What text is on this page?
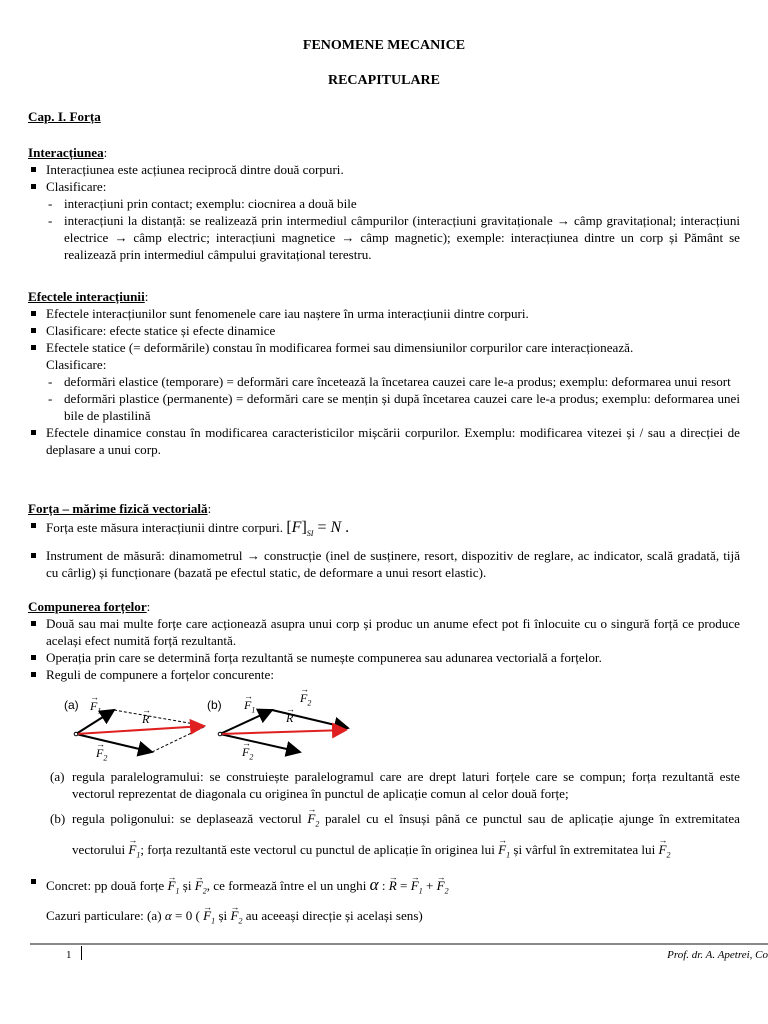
FENOMENE MECANICE
RECAPITULARE
Cap. I. Forța
Interacțiunea:
Interacțiunea este acțiunea reciprocă dintre două corpuri.
Clasificare:
- interacțiuni prin contact; exemplu: ciocnirea a două bile
- interacțiuni la distanță: se realizează prin intermediul câmpurilor (interacțiuni gravitaționale → câmp gravitațional; interacțiuni electrice → câmp electric; interacțiuni magnetice → câmp magnetic); exemple: interacțiunea dintre un corp și Pământ se realizează prin intermediul câmpului gravitațional terestru.
Efectele interacțiunii:
Efectele interacțiunilor sunt fenomenele care iau naștere în urma interacțiunii dintre corpuri.
Clasificare: efecte statice și efecte dinamice
Efectele statice (= deformările) constau în modificarea formei sau dimensiunilor corpurilor care interacționează.
Clasificare:
- deformări elastice (temporare) = deformări care încetează la încetarea cauzei care le-a produs; exemplu: deformarea unui resort
- deformări plastice (permanente) = deformări care se mențin și după încetarea cauzei care le-a produs; exemplu: deformarea unei bile de plastilină
Efectele dinamice constau în modificarea caracteristicilor mișcării corpurilor. Exemplu: modificarea vitezei și / sau a direcției de deplasare a unui corp.
Forța – mărime fizică vectorială:
Forța este măsura interacțiunii dintre corpuri. $[F]_{SI} = N$ .
Instrument de măsură: dinamometrul → construcție (inel de susținere, resort, dispozitiv de reglare, ac indicator, scală gradată, tijă cu cârlig) și funcționare (bazată pe efectul static, de deformare a unui resort elastic).
Compunerea forțelor:
Două sau mai multe forțe care acționează asupra unui corp și produc un anume efect pot fi înlocuite cu o singură forță ce produce același efect numită forță rezultantă.
Operația prin care se determină forța rezultantă se numește compunerea sau adunarea vectorială a forțelor.
Reguli de compunere a forțelor concurente:
(a)
→ $F_1$
→ R
→ $F_2$
(b)
→ $F_1$
→ $F_2$
→ R
→ $F_2$
(a) regula paralelogramului: se construiește paralelogramul care are drept laturi forțele care se compun; forța rezultantă este vectorul reprezentat de diagonala cu originea în punctul de aplicație comun al celor două forțe;
(b) regula poligonului: se deplasează vectorul → $F_2$ paralel cu el însuși până ce punctul sau de aplicație ajunge în extremitatea vectorului → $F_1$; forța rezultantă este vectorul cu punctul de aplicație în originea lui → $F_1$ și vârful în extremitatea lui → $F_2$
Concret: pp două forțe → $F_1$ și → $F_2$, ce formează între el un unghi α : → R = → $F_1$ + → $F_2$
Cazuri particulare: (a) α = 0 ( → $F_1$ și → $F_2$ au aceeași direcție și același sens)
1	Prof. dr. A. Apetrei, Co
